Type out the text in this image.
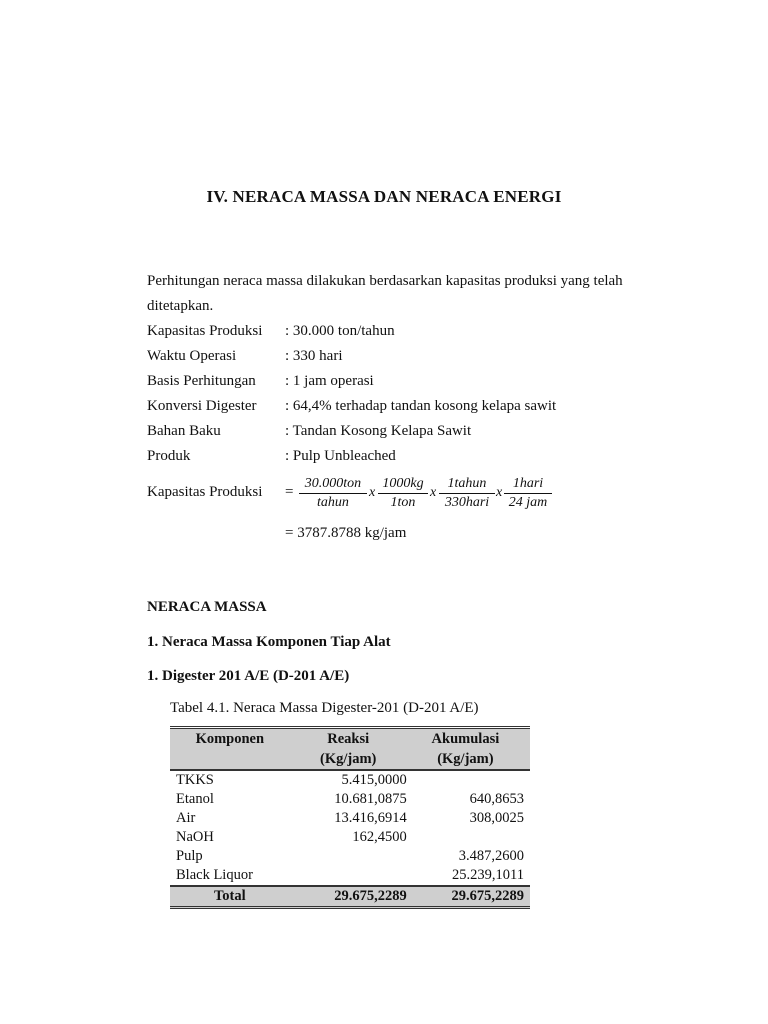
IV. NERACA MASSA DAN NERACA ENERGI
Perhitungan neraca massa dilakukan berdasarkan kapasitas produksi yang telah
ditetapkan.
Kapasitas Produksi : 30.000 ton/tahun
Waktu Operasi	: 330 hari
Basis Perhitungan : 1 jam operasi
Konversi Digester : 64,4% terhadap tandan kosong kelapa sawit
Bahan Baku	: Tandan Kosong Kelapa Sawit
Produk	: Pulp Unbleached
Kapasitas Produksi =
30.000ton
tahun
x
1000kg
1ton
x
1tahun
330hari
x
1hari
24 jam
= 3787.8788 kg/jam
NERACA MASSA
1. Neraca Massa Komponen Tiap Alat
1. Digester 201 A/E (D-201 A/E)
Tabel 4.1. Neraca Massa Digester-201 (D-201 A/E)
Komponen	Reaksi	Akumulasi
	(Kg/jam)	(Kg/jam)
TKKS	5.415,0000	
Etanol	10.681,0875	640,8653
Air	13.416,6914	308,0025
NaOH	162,4500	
Pulp		3.487,2600
Black Liquor		25.239,1011
Total	29.675,2289	29.675,2289
